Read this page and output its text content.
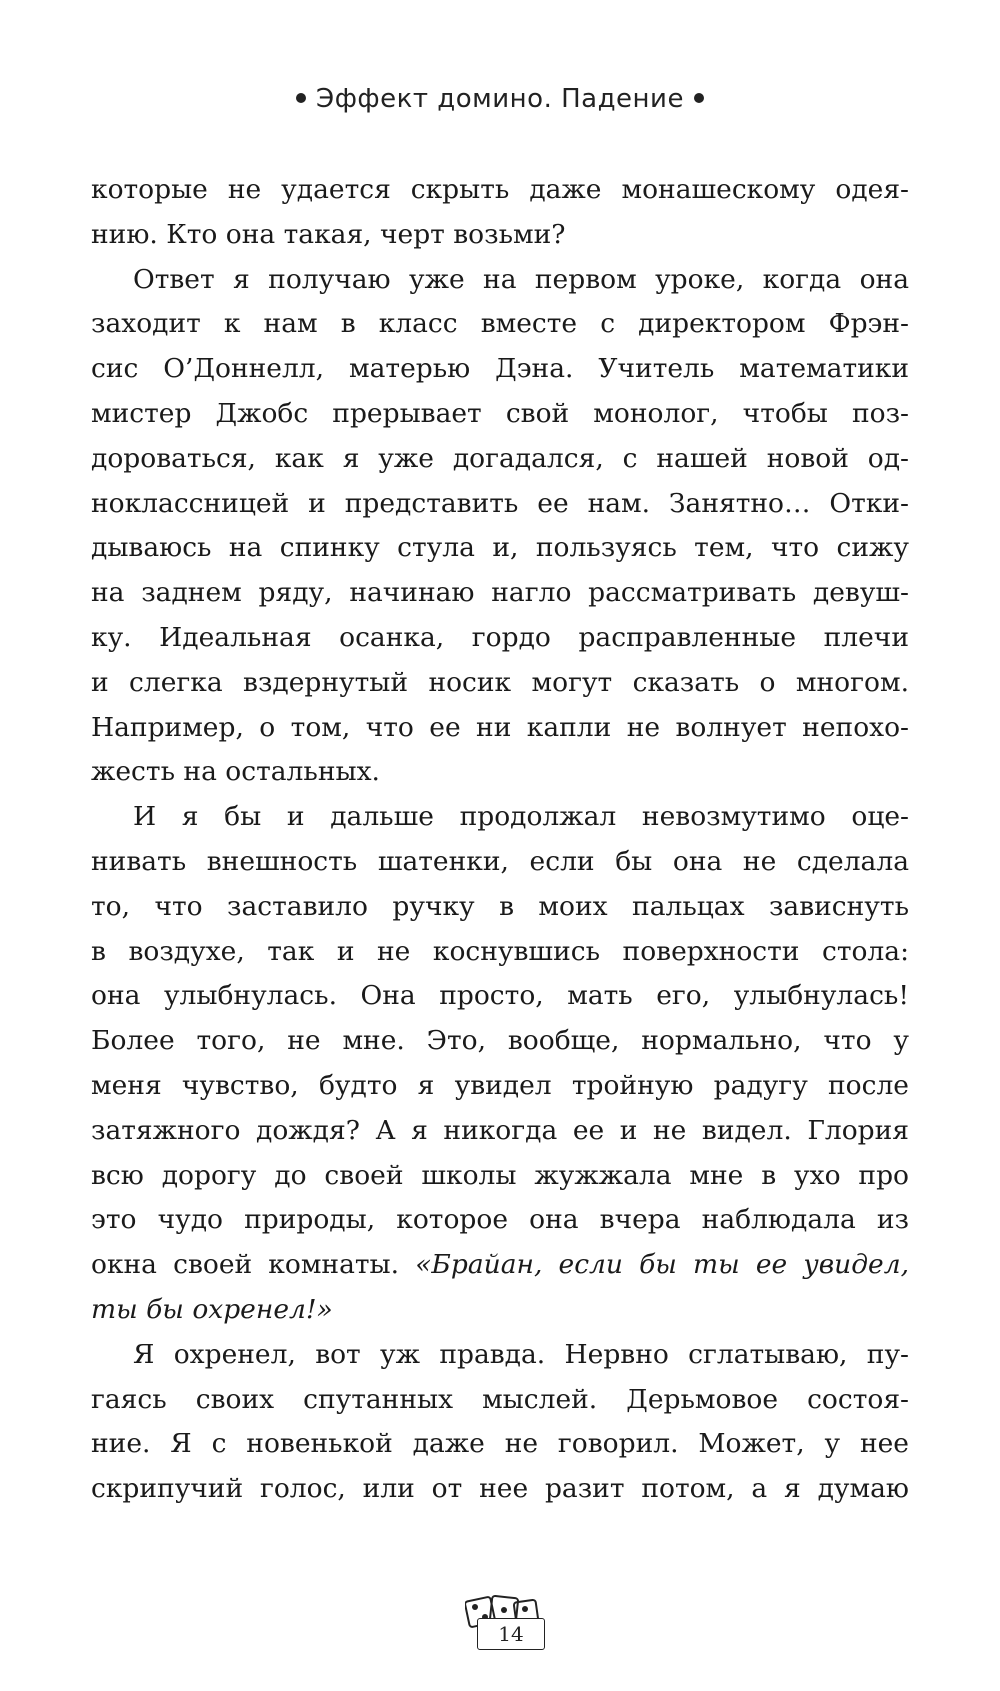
Эффект домино. Падение
которые не удается скрыть даже монашескому одея-
нию. Кто она такая, черт возьми?
Ответ я получаю уже на первом уроке, когда она
заходит к нам в класс вместе с директором Фрэн-
сис О’Доннелл, матерью Дэна. Учитель математики
мистер Джобс прерывает свой монолог, чтобы поз-
дороваться, как я уже догадался, с нашей новой од-
ноклассницей и представить ее нам. Занятно… Отки-
дываюсь на спинку стула и, пользуясь тем, что сижу
на заднем ряду, начинаю нагло рассматривать девуш-
ку. Идеальная осанка, гордо расправленные плечи
и слегка вздернутый носик могут сказать о многом.
Например, о том, что ее ни капли не волнует непохо-
жесть на остальных.
И я бы и дальше продолжал невозмутимо оце-
нивать внешность шатенки, если бы она не сделала
то, что заставило ручку в моих пальцах зависнуть
в воздухе, так и не коснувшись поверхности стола:
она улыбнулась. Она просто, мать его, улыбнулась!
Более того, не мне. Это, вообще, нормально, что у
меня чувство, будто я увидел тройную радугу после
затяжного дождя? А я никогда ее и не видел. Глория
всю дорогу до своей школы жужжала мне в ухо про
это чудо природы, которое она вчера наблюдала из
окна своей комнаты. «Брайан, если бы ты ее увидел,
ты бы охренел!»
Я охренел, вот уж правда. Нервно сглатываю, пу-
гаясь своих спутанных мыслей. Дерьмовое состоя-
ние. Я с новенькой даже не говорил. Может, у нее
скрипучий голос, или от нее разит потом, а я думаю
14
